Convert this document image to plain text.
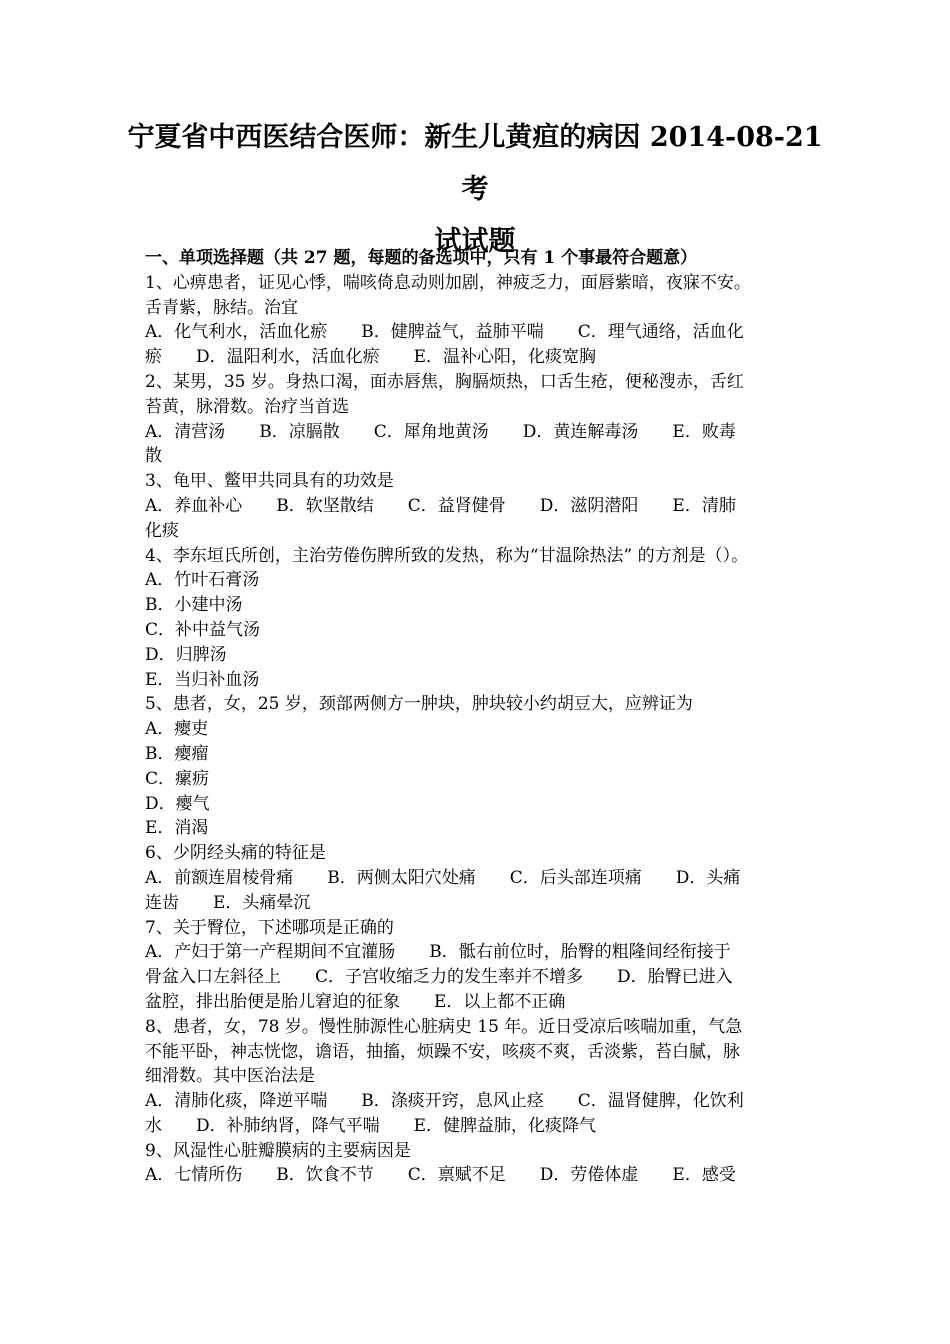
宁夏省中西医结合医师：新生儿黄疸的病因 2014-08-21 考
试试题
一、单项选择题（共 27 题，每题的备选项中，只有 1 个事最符合题意）
1、心痹患者，证见心悸，喘咳倚息动则加剧，神疲乏力，面唇紫暗，夜寐不安。
舌青紫，脉结。治宜
A．化气利水，活血化瘀　　B．健脾益气，益肺平喘　　C．理气通络，活血化
瘀　　D．温阳利水，活血化瘀　　E．温补心阳，化痰宽胸
2、某男，35 岁。身热口渴，面赤唇焦，胸膈烦热，口舌生疮，便秘溲赤，舌红
苔黄，脉滑数。治疗当首选
A．清营汤　　B．凉膈散　　C．犀角地黄汤　　D．黄连解毒汤　　E．败毒
散
3、龟甲、鳖甲共同具有的功效是
A．养血补心　　B．软坚散结　　C．益肾健骨　　D．滋阴潜阳　　E．清肺
化痰
4、李东垣氏所创，主治劳倦伤脾所致的发热，称为“甘温除热法” 的方剂是（）。
A．竹叶石膏汤
B．小建中汤
C．补中益气汤
D．归脾汤
E．当归补血汤
5、患者，女，25 岁，颈部两侧方一肿块，肿块较小约胡豆大，应辨证为
A．瘿吏
B．瘿瘤
C．瘰疬
D．瘿气
E．消渴
6、少阴经头痛的特征是
A．前额连眉棱骨痛　　B．两侧太阳穴处痛　　C．后头部连项痛　　D．头痛
连齿　　E．头痛晕沉
7、关于臀位，下述哪项是正确的
A．产妇于第一产程期间不宜灌肠　　B．骶右前位时，胎臀的粗隆间经衔接于
骨盆入口左斜径上　　C．子宫收缩乏力的发生率并不增多　　D．胎臀已进入
盆腔，排出胎便是胎儿窘迫的征象　　E．以上都不正确
8、患者，女，78 岁。慢性肺源性心脏病史 15 年。近日受凉后咳喘加重，气急
不能平卧，神志恍惚，谵语，抽搐，烦躁不安，咳痰不爽，舌淡紫，苔白腻，脉
细滑数。其中医治法是
A．清肺化痰，降逆平喘　　B．涤痰开窍，息风止痉　　C．温肾健脾，化饮利
水　　D．补肺纳肾，降气平喘　　E．健脾益肺，化痰降气
9、风湿性心脏瓣膜病的主要病因是
A．七情所伤　　B．饮食不节　　C．禀赋不足　　D．劳倦体虚　　E．感受
